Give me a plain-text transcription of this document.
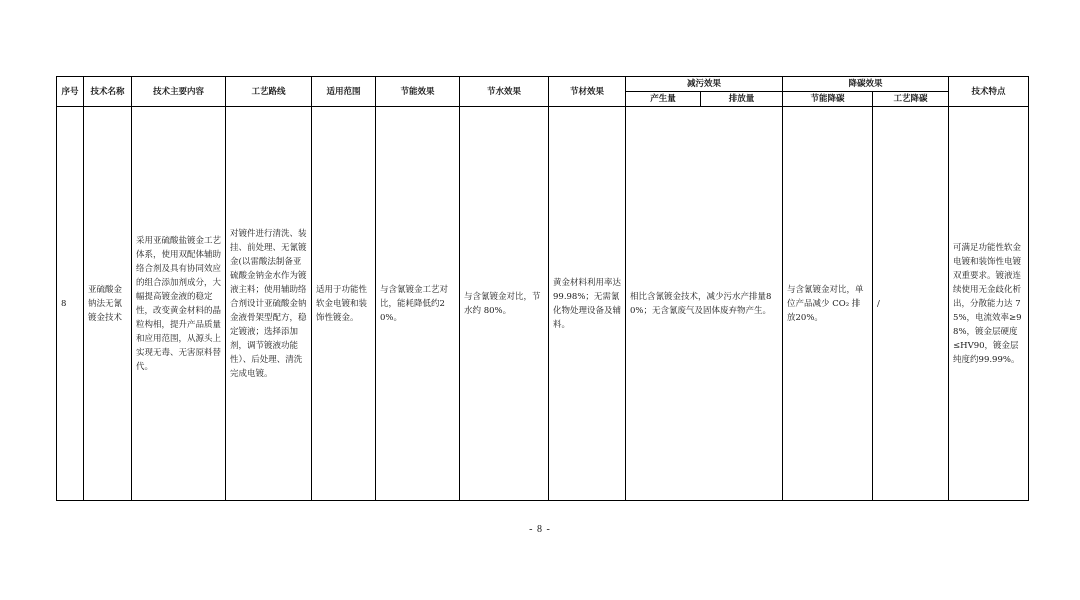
序号	技术名称	技术主要内容	工艺路线	适用范围	节能效果	节水效果	节材效果	减污效果		降碳效果		技术特点
								产生量	排放量	节能降碳	工艺降碳	
8	亚硫酸金钠法无氰镀金技术	采用亚硫酸盐镀金工艺体系，使用双配体辅助络合剂及具有协同效应的组合添加剂成分，大幅提高镀金液的稳定性，改变黄金材料的晶粒构相，提升产品质量和应用范围，从源头上实现无毒、无害原料替代。	对镀件进行清洗、装挂、前处理、无氰镀金(以雷酸法制备亚硫酸金钠金水作为镀液主料；使用辅助络合剂设计亚硫酸金钠金液骨架型配方，稳定镀液；选择添加剂，调节镀液功能性）、后处理、清洗完成电镀。	适用于功能性软金电镀和装饰性镀金。	与含氰镀金工艺对比，能耗降低约20%。	与含氰镀金对比，节水约 80%。	黄金材料利用率达 99.98%；无需氰化物处理设备及辅料。	相比含氰镀金技术，减少污水产排量80%；无含氰废气及固体废弃物产生。		与含氰镀金对比，单位产品减少 CO₂ 排放20%。	/	可满足功能性软金电镀和装饰性电镀双重要求。镀液连续使用无金歧化析出，分散能力达 75%，电流效率≥98%，镀金层硬度≤HV90，镀金层纯度约99.99%。
- 8 -
